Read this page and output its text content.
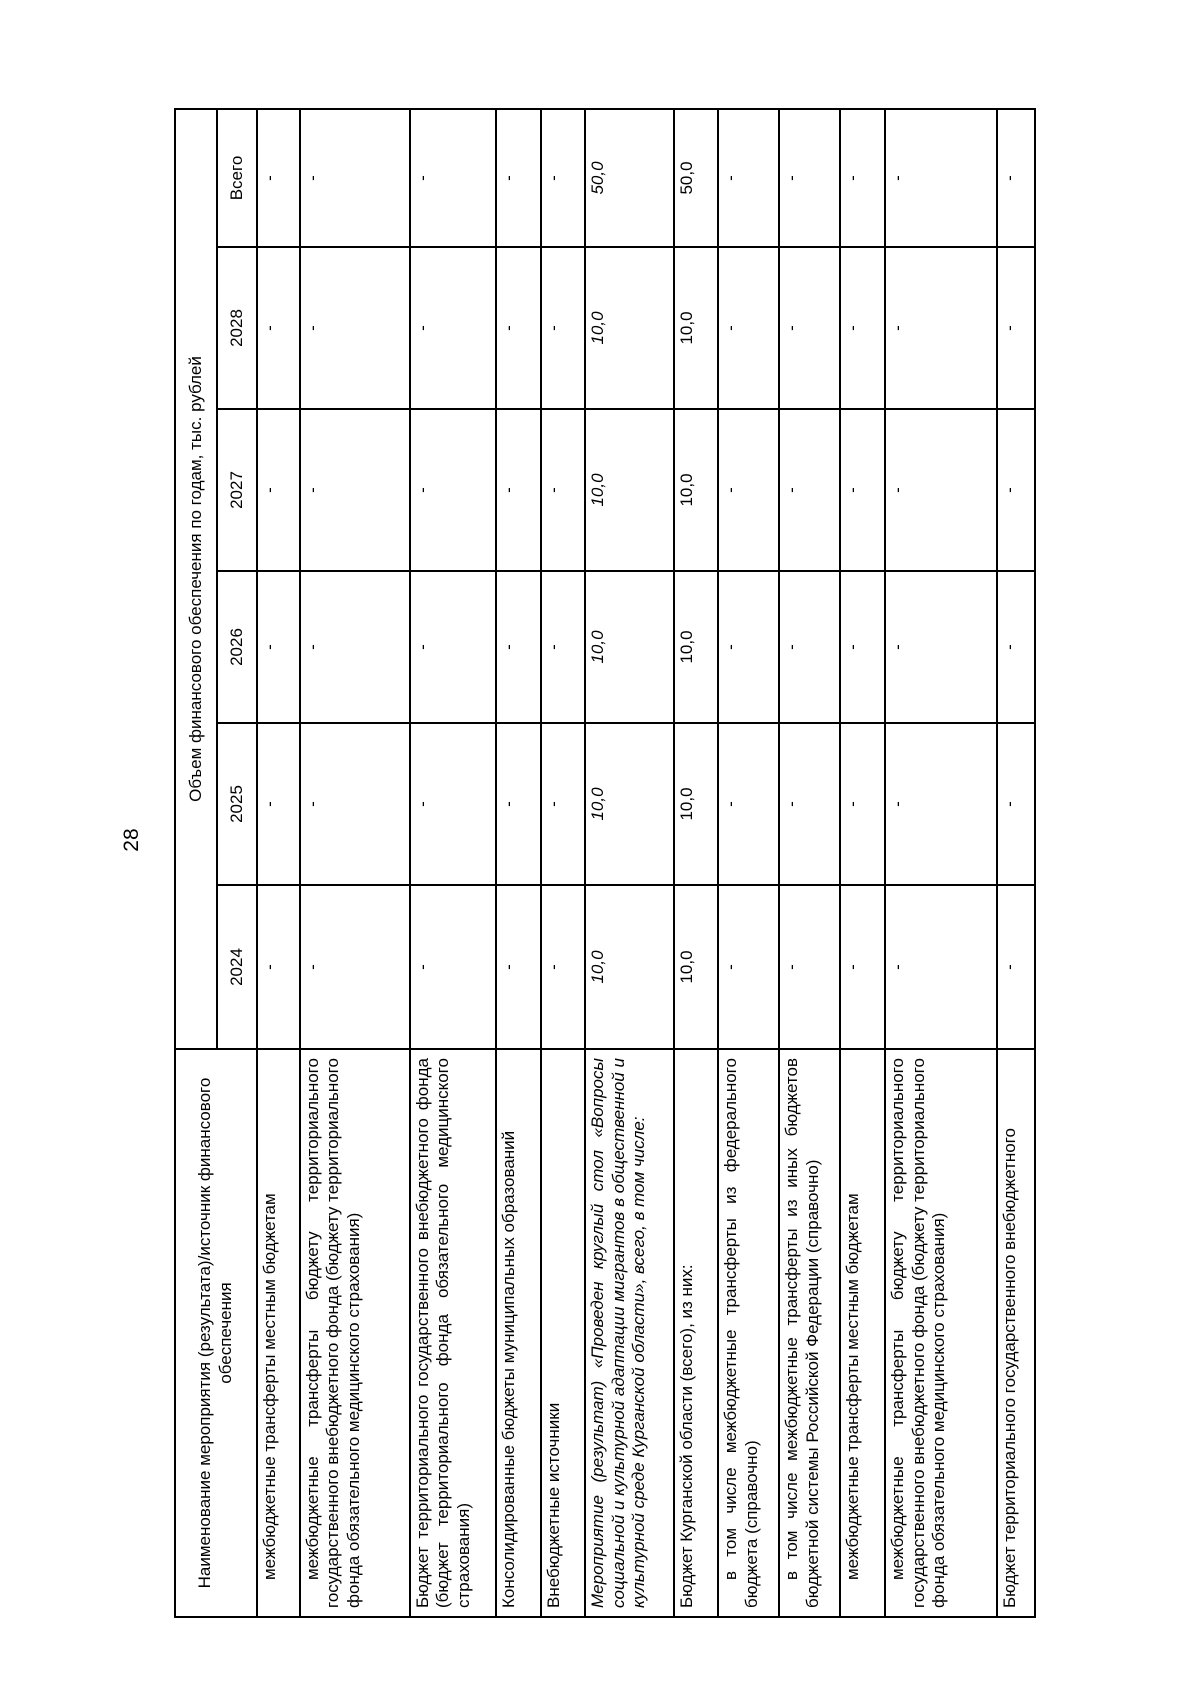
28
Наименование мероприятия (результата)/источник финансового обеспечения	Объем финансового обеспечения по годам, тыс. рублей					
	2024	2025	2026	2027	2028	Всего
межбюджетные трансферты местным бюджетам	-	-	-	-	-	-
межбюджетные трансферты бюджету территориального государственного внебюджетного фонда (бюджету территориального фонда обязательного медицинского страхования)	-	-	-	-	-	-
Бюджет территориального государственного внебюджетного фонда (бюджет территориального фонда обязательного медицинского страхования)	-	-	-	-	-	-
Консолидированные бюджеты муниципальных образований	-	-	-	-	-	-
Внебюджетные источники	-	-	-	-	-	-
Мероприятие (результат) «Проведен круглый стол «Вопросы социальной и культурной адаптации мигрантов в общественной и культурной среде Курганской области», всего, в том числе:	10,0	10,0	10,0	10,0	10,0	50,0
Бюджет Курганской области (всего), из них:	10,0	10,0	10,0	10,0	10,0	50,0
в том числе межбюджетные трансферты из федерального бюджета (справочно)	-	-	-	-	-	-
в том числе межбюджетные трансферты из иных бюджетов бюджетной системы Российской Федерации (справочно)	-	-	-	-	-	-
межбюджетные трансферты местным бюджетам	-	-	-	-	-	-
межбюджетные трансферты бюджету территориального государственного внебюджетного фонда (бюджету территориального фонда обязательного медицинского страхования)	-	-	-	-	-	-
Бюджет территориального государственного внебюджетного	-	-	-	-	-	-
